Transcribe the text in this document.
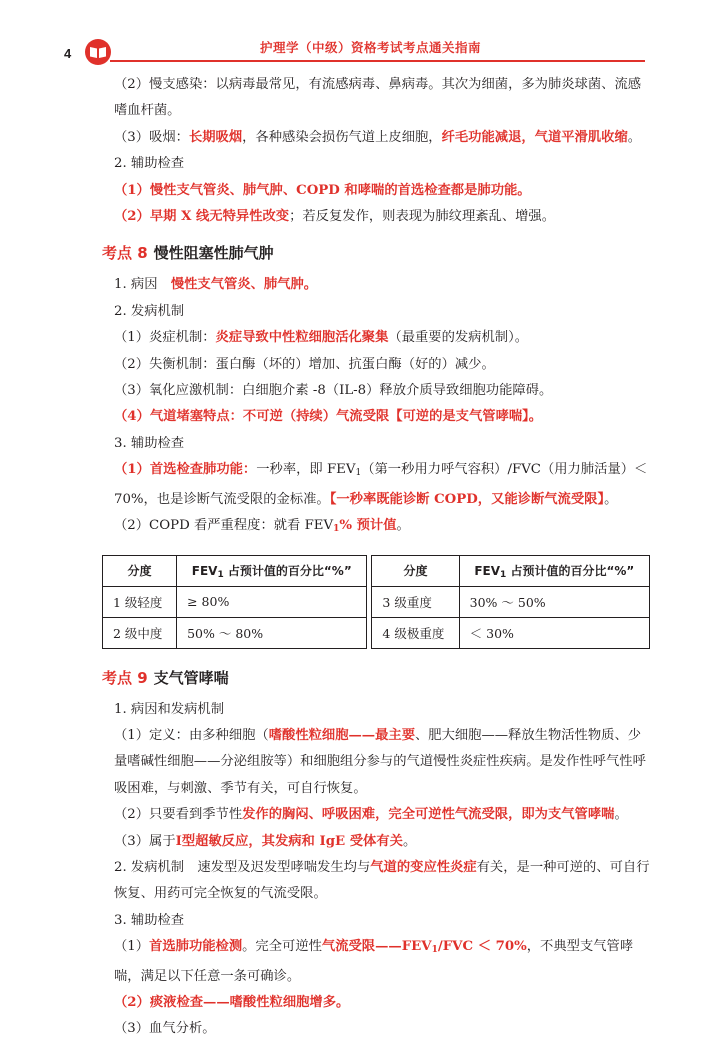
4	护理学（中级）资格考试考点通关指南

（2）慢支感染：以病毒最常见，有流感病毒、鼻病毒。其次为细菌，多为肺炎球菌、流感嗜血杆菌。

（3）吸烟：长期吸烟，各种感染会损伤气道上皮细胞，纤毛功能减退，气道平滑肌收缩。

2. 辅助检查

（1）慢性支气管炎、肺气肿、COPD 和哮喘的首选检查都是肺功能。

（2）早期 X 线无特异性改变；若反复发作，则表现为肺纹理紊乱、增强。

考点 8 慢性阻塞性肺气肿

1. 病因　慢性支气管炎、肺气肿。

2. 发病机制

（1）炎症机制：炎症导致中性粒细胞活化聚集（最重要的发病机制）。

（2）失衡机制：蛋白酶（坏的）增加、抗蛋白酶（好的）减少。

（3）氧化应激机制：白细胞介素 -8（IL-8）释放介质导致细胞功能障碍。

（4）气道堵塞特点：不可逆（持续）气流受限【可逆的是支气管哮喘】。

3. 辅助检查

（1）首选检查肺功能：一秒率，即 $FEV_1$（第一秒用力呼气容积）/FVC（用力肺活量）＜ 70%，也是诊断气流受限的金标准。【一秒率既能诊断 COPD，又能诊断气流受限】。

（2）COPD 看严重程度：就看 $FEV_1\%$ 预计值。

分度	$FEV_1$ 占预计值的百分比“%”		分度	$FEV_1$ 占预计值的百分比“%”
1 级轻度	≥ 80%		3 级重度	30% ～ 50%
2 级中度	50% ～ 80%		4 级极重度	＜ 30%
考点 9 支气管哮喘

1. 病因和发病机制

（1）定义：由多种细胞（嗜酸性粒细胞——最主要、肥大细胞——释放生物活性物质、少量嗜碱性细胞——分泌组胺等）和细胞组分参与的气道慢性炎症性疾病。是发作性呼气性呼吸困难，与刺激、季节有关，可自行恢复。

（2）只要看到季节性发作的胸闷、呼吸困难，完全可逆性气流受限，即为支气管哮喘。

（3）属于Ⅰ型超敏反应，其发病和 IgE 受体有关。

2. 发病机制　速发型及迟发型哮喘发生均与气道的变应性炎症有关，是一种可逆的、可自行恢复、用药可完全恢复的气流受限。

3. 辅助检查

（1）首选肺功能检测。完全可逆性气流受限$——FEV_1$/FVC ＜ 70%，不典型支气管哮喘，满足以下任意一条可确诊。

（2）痰液检查——嗜酸性粒细胞增多。

（3）血气分析。
